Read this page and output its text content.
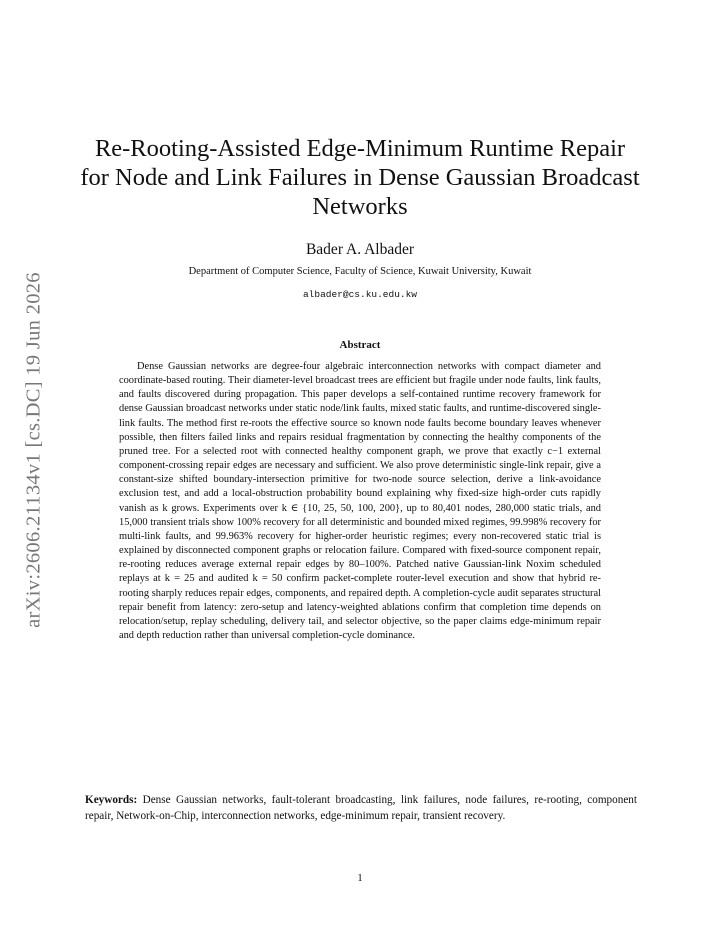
arXiv:2606.21134v1 [cs.DC] 19 Jun 2026
Re-Rooting-Assisted Edge-Minimum Runtime Repair for Node and Link Failures in Dense Gaussian Broadcast Networks
Bader A. Albader
Department of Computer Science, Faculty of Science, Kuwait University, Kuwait
albader@cs.ku.edu.kw
Abstract

Dense Gaussian networks are degree-four algebraic interconnection networks with compact diameter and coordinate-based routing. Their diameter-level broadcast trees are efficient but fragile under node faults, link faults, and faults discovered during propagation. This paper develops a self-contained runtime recovery framework for dense Gaussian broadcast networks under static node/link faults, mixed static faults, and runtime-discovered single-link faults. The method first re-roots the effective source so known node faults become boundary leaves whenever possible, then filters failed links and repairs residual fragmentation by connecting the healthy components of the pruned tree. For a selected root with connected healthy component graph, we prove that exactly c−1 external component-crossing repair edges are necessary and sufficient. We also prove deterministic single-link repair, give a constant-size shifted boundary-intersection primitive for two-node source selection, derive a link-avoidance exclusion test, and add a local-obstruction probability bound explaining why fixed-size high-order cuts rapidly vanish as k grows. Experiments over k ∈ {10, 25, 50, 100, 200}, up to 80,401 nodes, 280,000 static trials, and 15,000 transient trials show 100% recovery for all deterministic and bounded mixed regimes, 99.998% recovery for multi-link faults, and 99.963% recovery for higher-order heuristic regimes; every non-recovered static trial is explained by disconnected component graphs or relocation failure. Compared with fixed-source component repair, re-rooting reduces average external repair edges by 80–100%. Patched native Gaussian-link Noxim scheduled replays at k = 25 and audited k = 50 confirm packet-complete router-level execution and show that hybrid re-rooting sharply reduces repair edges, components, and repaired depth. A completion-cycle audit separates structural repair benefit from latency: zero-setup and latency-weighted ablations confirm that completion time depends on relocation/setup, replay scheduling, delivery tail, and selector objective, so the paper claims edge-minimum repair and depth reduction rather than universal completion-cycle dominance.

Keywords: Dense Gaussian networks, fault-tolerant broadcasting, link failures, node failures, re-rooting, component repair, Network-on-Chip, interconnection networks, edge-minimum repair, transient recovery.

1
